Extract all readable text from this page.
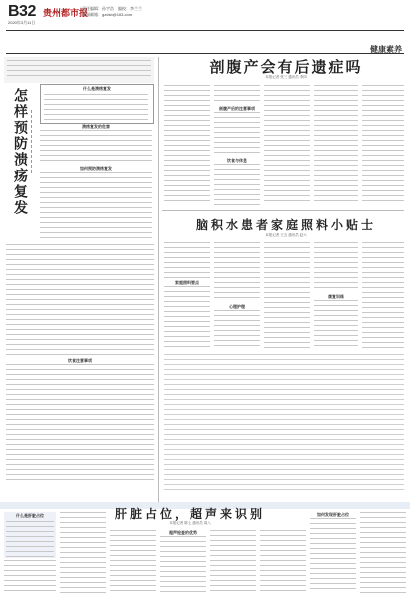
B32 贵州都市报
责任编辑：孙宇浩　编校：李兰兰
新闻邮箱：gzdsb@163.com
2020年3月11日
健康素养
怎样预防溃疡复发	什么是溃疡复发
溃疡复发的危害
如何预防溃疡复发
饮食注意事项
剖腹产会有后遗症吗
本报记者 张三 通讯员 李四
剖腹产后的注意事项
饮食与休息
脑积水患者家庭照料小贴士
本报记者 王五 通讯员 赵六
家庭照料要点
心理护理
康复训练
肝脏占位，超声来识别
本报记者 陈七 通讯员 周八
什么是肝脏占位
超声检查的优势
如何发现肝脏占位
